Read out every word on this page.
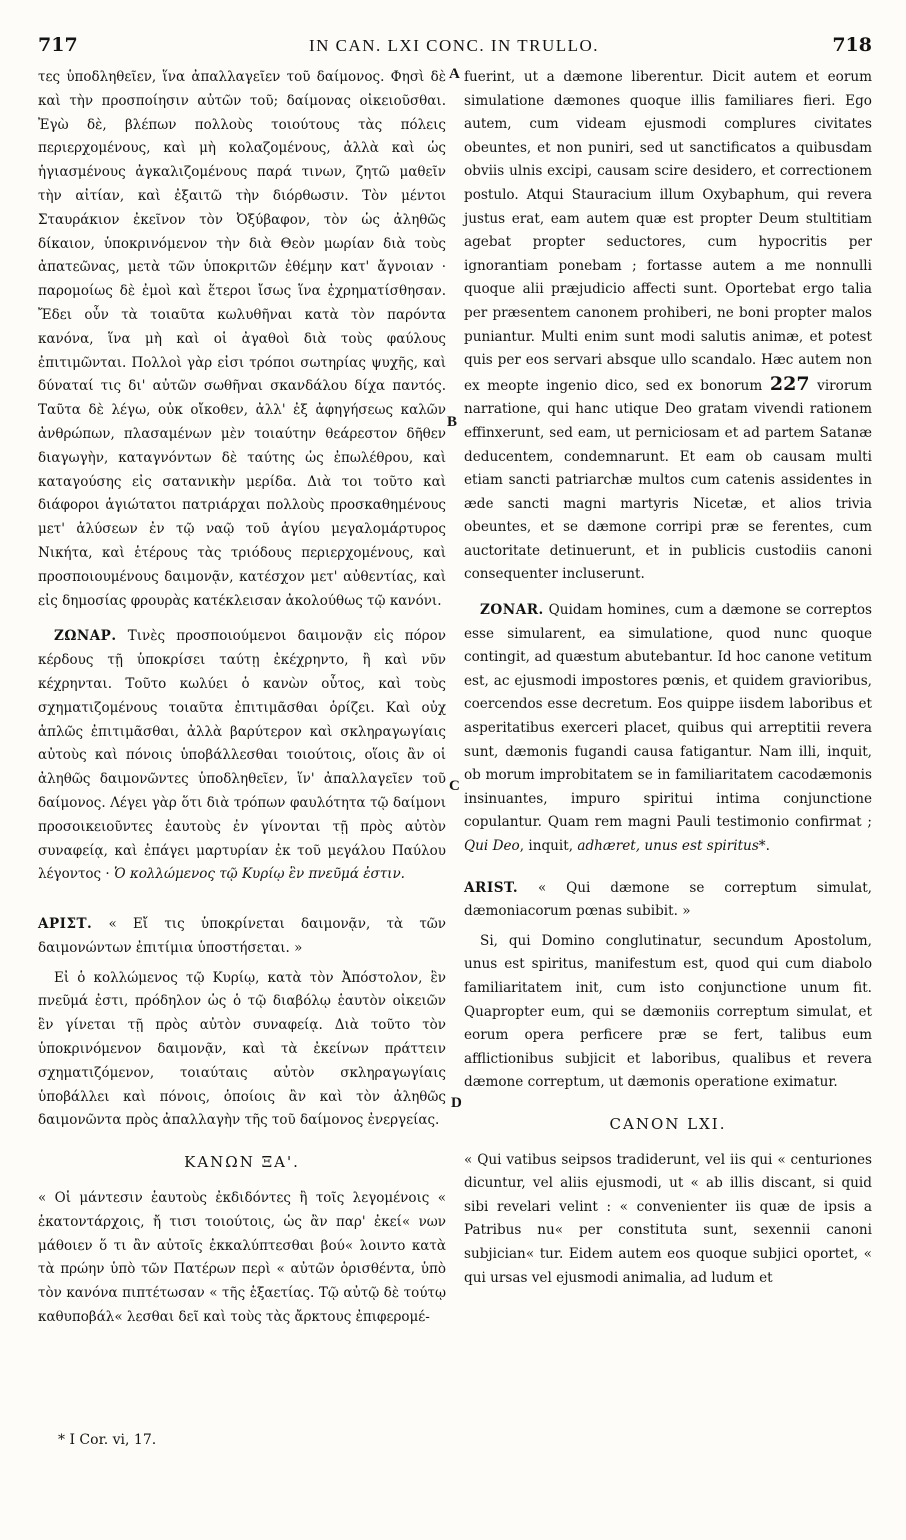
717	IN CAN. LXI CONC. IN TRULLO.	718
A
B
C
D

τες ὑποδληθεῖεν, ἵνα ἀπαλλαγεῖεν τοῦ δαίμονος. Φησὶ δὲ καὶ τὴν προσποίησιν αὐτῶν τοῦ; δαίμονας οἰκειοῦσθαι. Ἐγὼ δὲ, βλέπων πολλοὺς τοιούτους τὰς πόλεις περιερχομένους, καὶ μὴ κολαζομένους, ἀλλὰ καὶ ὡς ἡγιασμένους ἀγκαλιζομένους παρά τινων, ζητῶ μαθεῖν τὴν αἰτίαν, καὶ ἐξαιτῶ τὴν διόρθωσιν. Τὸν μέντοι Σταυράκιον ἐκεῖνον τὸν Ὀξύβαφον, τὸν ὡς ἀληθῶς δίκαιον, ὑποκρινόμενον τὴν διὰ Θεὸν μωρίαν διὰ τοὺς ἀπατεῶνας, μετὰ τῶν ὑποκριτῶν ἐθέμην κατ' ἄγνοιαν · παρομοίως δὲ ἐμοὶ καὶ ἕτεροι ἴσως ἵνα ἐχρηματίσθησαν. Ἔδει οὖν τὰ τοιαῦτα κωλυθῆναι κατὰ τὸν παρόντα κανόνα, ἵνα μὴ καὶ οἱ ἀγαθοὶ διὰ τοὺς φαύλους ἐπιτιμῶνται. Πολλοὶ γὰρ εἰσι τρόποι σωτηρίας ψυχῆς, καὶ δύναταί τις δι' αὐτῶν σωθῆναι σκανδάλου δίχα παντός. Ταῦτα δὲ λέγω, οὐκ οἴκοθεν, ἀλλ' ἐξ ἀφηγήσεως καλῶν ἀνθρώπων, πλασαμένων μὲν τοιαύτην θεάρεστον δῆθεν διαγωγὴν, καταγνόντων δὲ ταύτης ὡς ἐπωλέθρου, καὶ καταγούσης εἰς σατανικὴν μερίδα. Διὰ τοι τοῦτο καὶ διάφοροι ἁγιώτατοι πατριάρχαι πολλοὺς προσκαθημένους μετ' ἁλύσεων ἐν τῷ ναῷ τοῦ ἁγίου μεγαλομάρτυρος Νικήτα, καὶ ἑτέρους τὰς τριόδους περιερχομένους, καὶ προσποιουμένους δαιμονᾷν, κατέσχον μετ' αὐθεντίας, καὶ εἰς δημοσίας φρουρὰς κατέκλεισαν ἀκολούθως τῷ κανόνι.

ΖΩΝΑΡ. Τινὲς προσποιούμενοι δαιμονᾷν εἰς πόρον κέρδους τῇ ὑποκρίσει ταύτῃ ἐκέχρηντο, ἢ καὶ νῦν κέχρηνται. Τοῦτο κωλύει ὁ κανὼν οὗτος, καὶ τοὺς σχηματιζομένους τοιαῦτα ἐπιτιμᾶσθαι ὁρίζει. Καὶ οὐχ ἁπλῶς ἐπιτιμᾶσθαι, ἀλλὰ βαρύτερον καὶ σκληραγωγίαις αὐτοὺς καὶ πόνοις ὑποβάλλεσθαι τοιούτοις, οἵοις ἂν οἱ ἀληθῶς δαιμονῶντες ὑποδληθεῖεν, ἵν' ἀπαλλαγεῖεν τοῦ δαίμονος. Λέγει γὰρ ὅτι διὰ τρόπων φαυλότητα τῷ δαίμονι προσοικειοῦντες ἑαυτοὺς ἐν γίνονται τῇ πρὸς αὐτὸν συναφείᾳ, καὶ ἐπάγει μαρτυρίαν ἐκ τοῦ μεγάλου Παύλου λέγοντος · Ὁ κολλώμενος τῷ Κυρίῳ ἓν πνεῦμά ἐστιν.

ΑΡΙΣΤ. « Εἴ τις ὑποκρίνεται δαιμονᾷν, τὰ τῶν δαιμονώντων ἐπιτίμια ὑποστήσεται. »

Εἰ ὁ κολλώμενος τῷ Κυρίῳ, κατὰ τὸν Ἀπόστολον, ἓν πνεῦμά ἐστι, πρόδηλον ὡς ὁ τῷ διαβόλῳ ἑαυτὸν οἰκειῶν ἓν γίνεται τῇ πρὸς αὐτὸν συναφείᾳ. Διὰ τοῦτο τὸν ὑποκρινόμενον δαιμονᾷν, καὶ τὰ ἐκείνων πράττειν σχηματιζόμενον, τοιαύταις αὐτὸν σκληραγωγίαις ὑποβάλλει καὶ πόνοις, ὁποίοις ἂν καὶ τὸν ἀληθῶς δαιμονῶντα πρὸς ἀπαλλαγὴν τῆς τοῦ δαίμονος ἐνεργείας.

ΚΑΝΩΝ ΞΑ'.

« Οἱ μάντεσιν ἑαυτοὺς ἐκδιδόντες ἢ τοῖς λεγομένοις « ἑκατοντάρχοις, ἤ τισι τοιούτοις, ὡς ἂν παρ' ἐκεί« νων μάθοιεν ὅ τι ἂν αὐτοῖς ἐκκαλύπτεσθαι βού« λοιντο κατὰ τὰ πρώην ὑπὸ τῶν Πατέρων περὶ « αὐτῶν ὁρισθέντα, ὑπὸ τὸν κανόνα πιπτέτωσαν « τῆς ἑξαετίας. Τῷ αὐτῷ δὲ τούτῳ καθυποβάλ« λεσθαι δεῖ καὶ τοὺς τὰς ἄρκτους ἐπιφερομέ-

fuerint, ut a dæmone liberentur. Dicit autem et eorum simulatione dæmones quoque illis familiares fieri. Ego autem, cum videam ejusmodi complures civitates obeuntes, et non puniri, sed ut sanctificatos a quibusdam obviis ulnis excipi, causam scire desidero, et correctionem postulo. Atqui Stauracium illum Oxybaphum, qui revera justus erat, eam autem quæ est propter Deum stultitiam agebat propter seductores, cum hypocritis per ignorantiam ponebam ; fortasse autem a me nonnulli quoque alii præjudicio affecti sunt. Oportebat ergo talia per præsentem canonem prohiberi, ne boni propter malos puniantur. Multi enim sunt modi salutis animæ, et potest quis per eos servari absque ullo scandalo. Hæc autem non ex meopte ingenio dico, sed ex bonorum 227 virorum narratione, qui hanc utique Deo gratam vivendi rationem effinxerunt, sed eam, ut perniciosam et ad partem Satanæ deducentem, condemnarunt. Et eam ob causam multi etiam sancti patriarchæ multos cum catenis assidentes in æde sancti magni martyris Nicetæ, et alios trivia obeuntes, et se dæmone corripi præ se ferentes, cum auctoritate detinuerunt, et in publicis custodiis canoni consequenter incluserunt.

ZONAR. Quidam homines, cum a dæmone se correptos esse simularent, ea simulatione, quod nunc quoque contingit, ad quæstum abutebantur. Id hoc canone vetitum est, ac ejusmodi impostores pœnis, et quidem gravioribus, coercendos esse decretum. Eos quippe iisdem laboribus et asperitatibus exerceri placet, quibus qui arreptitii revera sunt, dæmonis fugandi causa fatigantur. Nam illi, inquit, ob morum improbitatem se in familiaritatem cacodæmonis insinuantes, impuro spiritui intima conjunctione copulantur. Quam rem magni Pauli testimonio confirmat ; Qui Deo, inquit, adhæret, unus est spiritus*.

ARIST. « Qui dæmone se correptum simulat, dæmoniacorum pœnas subibit. »

Si, qui Domino conglutinatur, secundum Apostolum, unus est spiritus, manifestum est, quod qui cum diabolo familiaritatem init, cum isto conjunctione unum fit. Quapropter eum, qui se dæmoniis correptum simulat, et eorum opera perficere præ se fert, talibus eum afflictionibus subjicit et laboribus, qualibus et revera dæmone correptum, ut dæmonis operatione eximatur.

CANON LXI.

« Qui vatibus seipsos tradiderunt, vel iis qui « centuriones dicuntur, vel aliis ejusmodi, ut « ab illis discant, si quid sibi revelari velint : « convenienter iis quæ de ipsis a Patribus nu« per constituta sunt, sexennii canoni subjician« tur. Eidem autem eos quoque subjici oportet, « qui ursas vel ejusmodi animalia, ad ludum et

* I Cor. vi, 17.
